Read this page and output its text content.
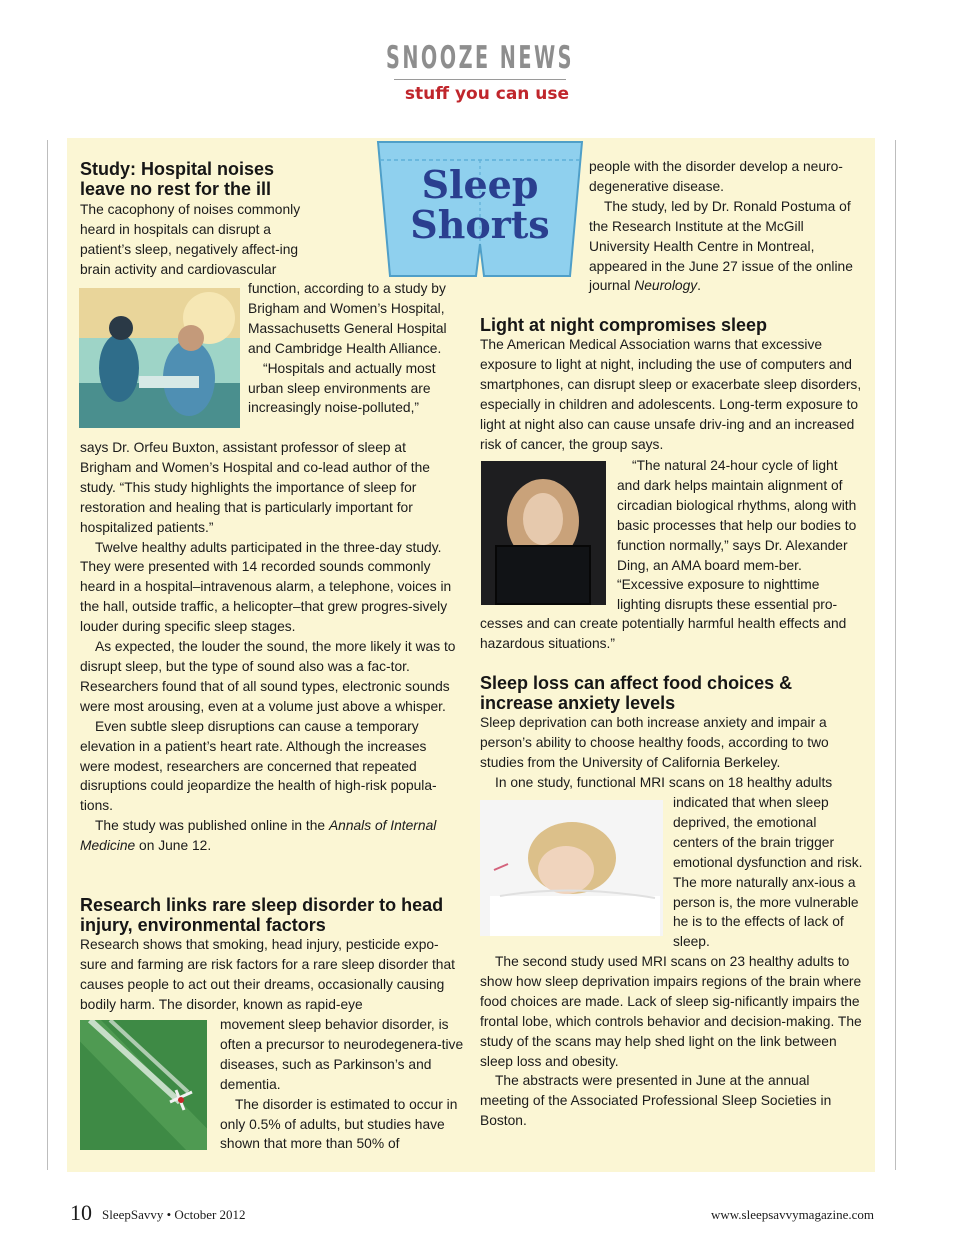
SNOOZE NEWS
stuff you can use
Sleep
Shorts
Study: Hospital noises leave no rest for the ill

The cacophony of noises commonly heard in hospitals can disrupt a patient’s sleep, negatively affect-ing brain activity and cardiovascular

function, according to a study by Brigham and Women’s Hospital, Massachusetts General Hospital and Cambridge Health Alliance.

“Hospitals and actually most urban sleep environments are increasingly noise-polluted,”

says Dr. Orfeu Buxton, assistant professor of sleep at Brigham and Women’s Hospital and co-lead author of the study. “This study highlights the importance of sleep for restoration and healing that is particularly important for hospitalized patients.”

Twelve healthy adults participated in the three-day study. They were presented with 14 recorded sounds commonly heard in a hospital–intravenous alarm, a telephone, voices in the hall, outside traffic, a helicopter–that grew progres-sively louder during specific sleep stages.

As expected, the louder the sound, the more likely it was to disrupt sleep, but the type of sound also was a fac-tor. Researchers found that of all sound types, electronic sounds were most arousing, even at a volume just above a whisper.

Even subtle sleep disruptions can cause a temporary elevation in a patient’s heart rate. Although the increases were modest, researchers are concerned that repeated disruptions could jeopardize the health of high-risk popula-tions.

The study was published online in the Annals of Internal Medicine on June 12.

Research links rare sleep disorder to head injury, environmental factors

Research shows that smoking, head injury, pesticide expo-sure and farming are risk factors for a rare sleep disorder that causes people to act out their dreams, occasionally causing bodily harm. The disorder, known as rapid-eye

movement sleep behavior disorder, is often a precursor to neurodegenera-tive diseases, such as Parkinson’s and dementia.

The disorder is estimated to occur in only 0.5% of adults, but studies have shown that more than 50% of

people with the disorder develop a neuro-degenerative disease.

The study, led by Dr. Ronald Postuma of the Research Institute at the McGill University Health Centre in Montreal, appeared in the June 27 issue of the online journal Neurology.

Light at night compromises sleep

The American Medical Association warns that excessive exposure to light at night, including the use of computers and smartphones, can disrupt sleep or exacerbate sleep disorders, especially in children and adolescents. Long-term exposure to light at night also can cause unsafe driv-ing and an increased risk of cancer, the group says.

“The natural 24-hour cycle of light and dark helps maintain alignment of circadian biological rhythms, along with basic processes that help our bodies to function normally,” says Dr. Alexander Ding, an AMA board mem-ber. “Excessive exposure to nighttime lighting disrupts these essential pro-

cesses and can create potentially harmful health effects and hazardous situations.”

Sleep loss can affect food choices & increase anxiety levels

Sleep deprivation can both increase anxiety and impair a person’s ability to choose healthy foods, according to two studies from the University of California Berkeley.

In one study, functional MRI scans on 18 healthy adults

indicated that when sleep deprived, the emotional centers of the brain trigger emotional dysfunction and risk. The more naturally anx-ious a person is, the more vulnerable he is to the effects of lack of sleep.

The second study used MRI scans on 23 healthy adults to show how sleep deprivation impairs regions of the brain where food choices are made. Lack of sleep sig-nificantly impairs the frontal lobe, which controls behavior and decision-making. The study of the scans may help shed light on the link between sleep loss and obesity.

The abstracts were presented in June at the annual meeting of the Associated Professional Sleep Societies in Boston.

10 SleepSavvy • October 2012	www.sleepsavvymagazine.com
